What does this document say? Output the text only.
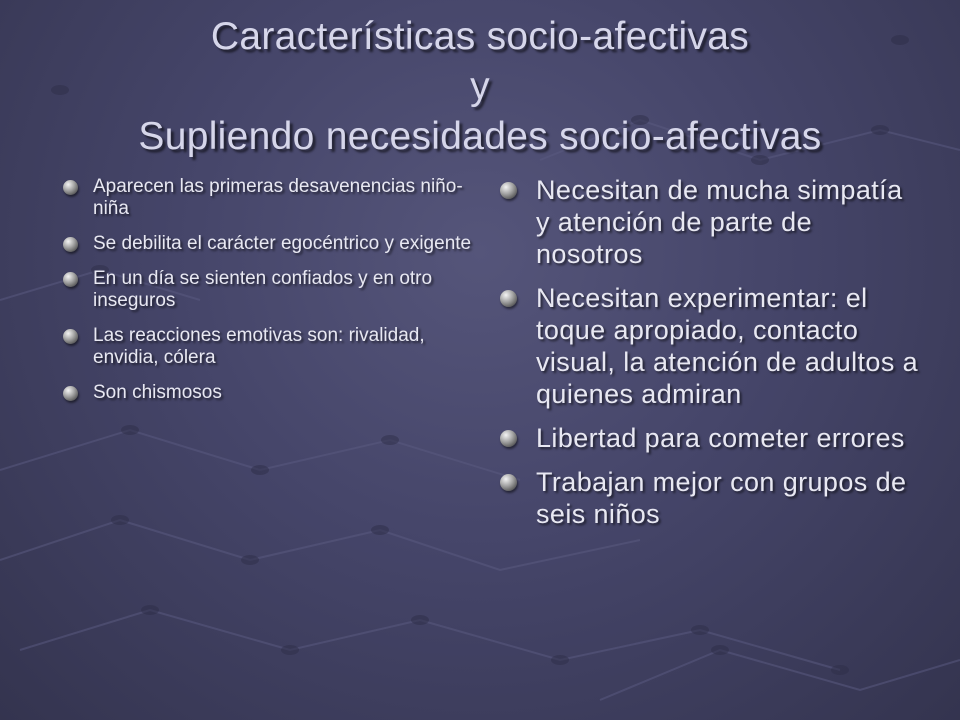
Características socio-afectivas
y
Supliendo necesidades socio-afectivas
Aparecen las primeras desavenencias niño-niña
Se debilita el carácter egocéntrico y exigente
En un día se sienten confiados y en otro inseguros
Las reacciones emotivas son: rivalidad, envidia, cólera
Son chismosos
Necesitan de mucha simpatía y atención de parte de nosotros
Necesitan experimentar: el toque apropiado, contacto visual, la atención de adultos a quienes admiran
Libertad para cometer errores
Trabajan mejor con grupos de seis niños
